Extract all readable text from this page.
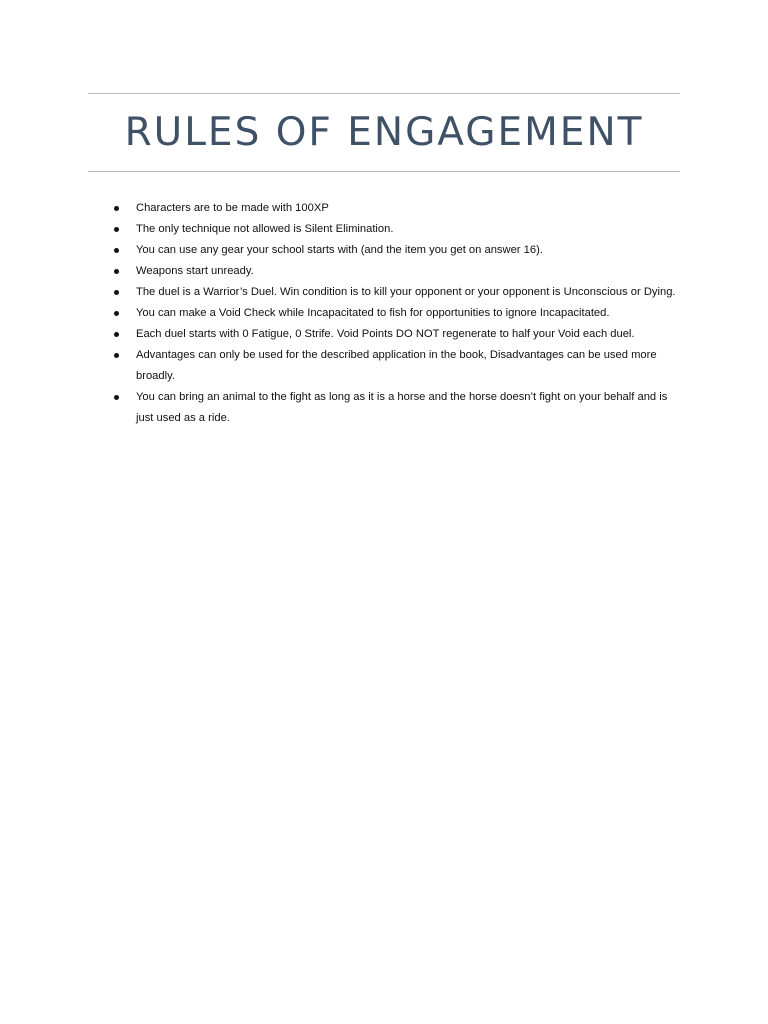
RULES OF ENGAGEMENT
Characters are to be made with 100XP
The only technique not allowed is Silent Elimination.
You can use any gear your school starts with (and the item you get on answer 16).
Weapons start unready.
The duel is a Warrior’s Duel. Win condition is to kill your opponent or your opponent is Unconscious or Dying.
You can make a Void Check while Incapacitated to fish for opportunities to ignore Incapacitated.
Each duel starts with 0 Fatigue, 0 Strife. Void Points DO NOT regenerate to half your Void each duel.
Advantages can only be used for the described application in the book, Disadvantages can be used more broadly.
You can bring an animal to the fight as long as it is a horse and the horse doesn’t fight on your behalf and is just used as a ride.
